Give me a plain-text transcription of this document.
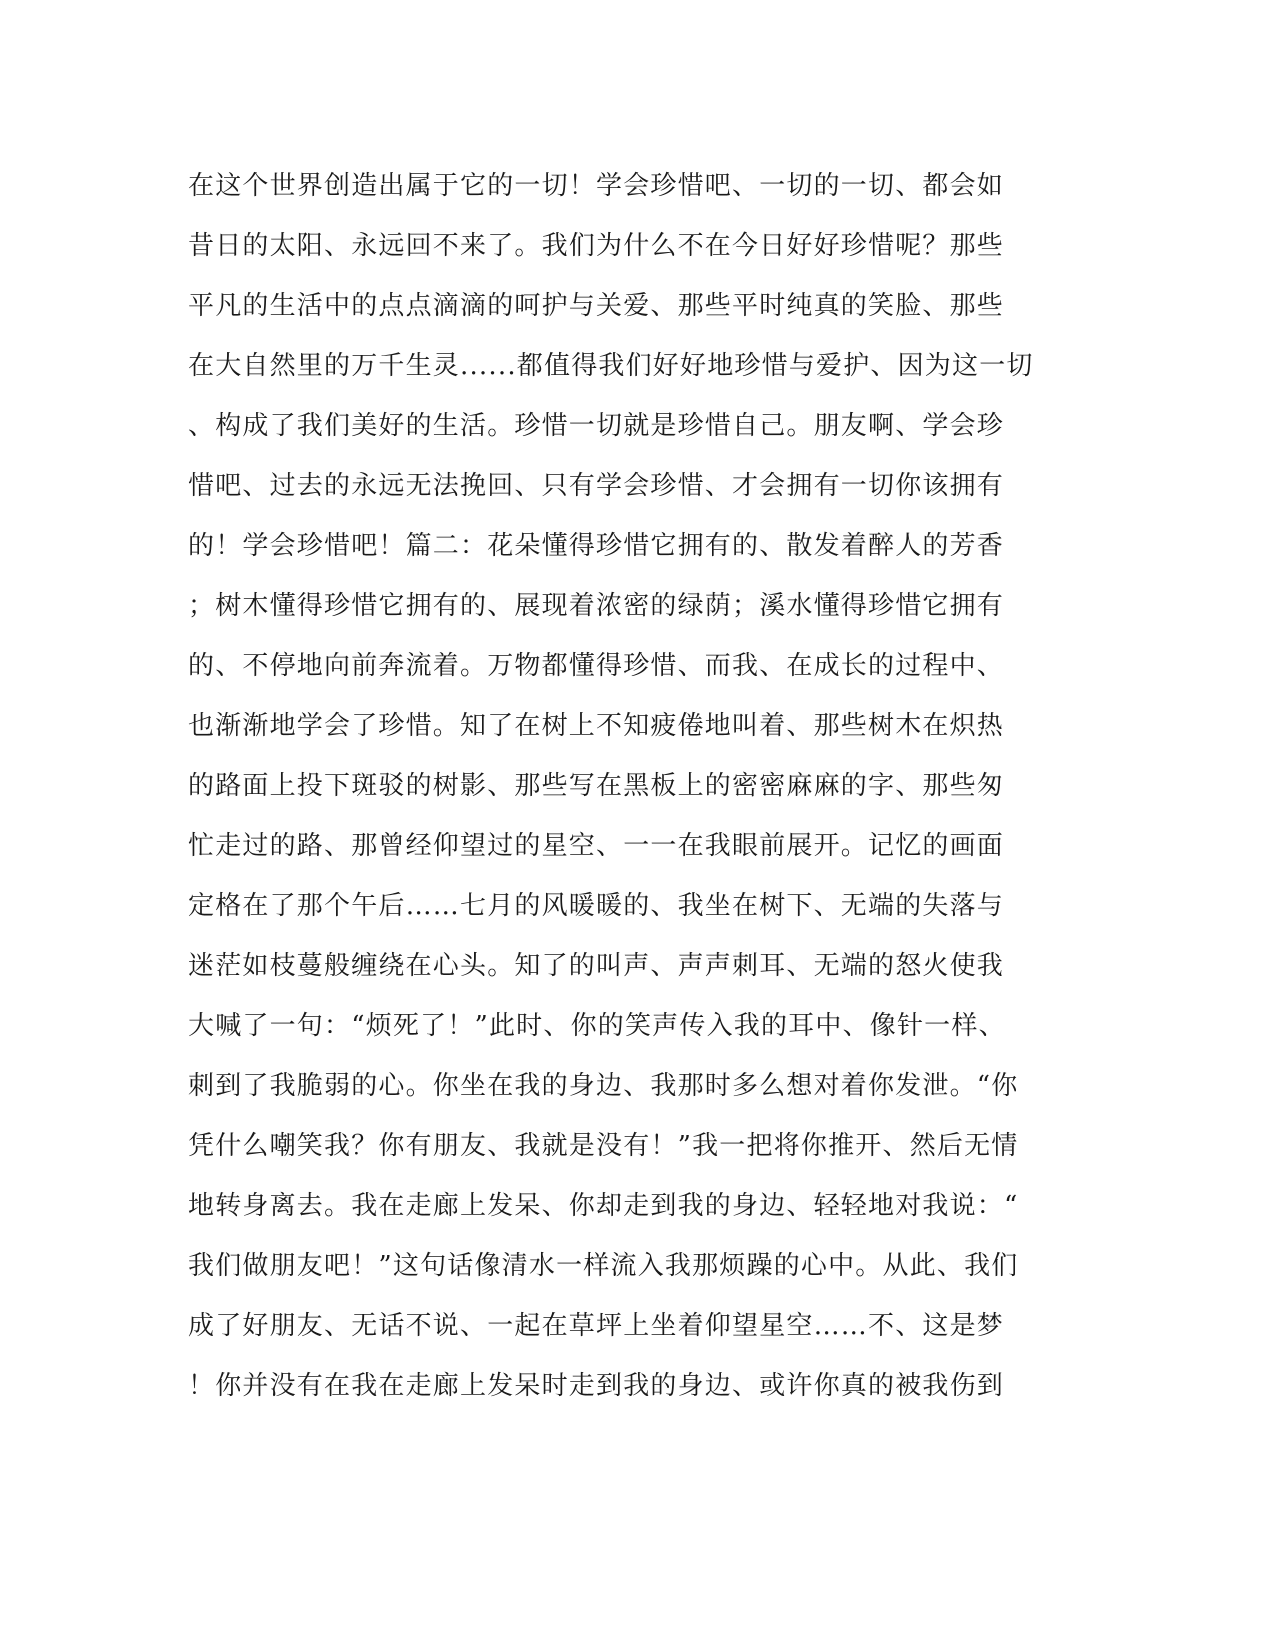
在这个世界创造出属于它的一切！学会珍惜吧、一切的一切、都会如
昔日的太阳、永远回不来了。我们为什么不在今日好好珍惜呢？那些
平凡的生活中的点点滴滴的呵护与关爱、那些平时纯真的笑脸、那些
在大自然里的万千生灵......都值得我们好好地珍惜与爱护、因为这一切
、构成了我们美好的生活。珍惜一切就是珍惜自己。朋友啊、学会珍
惜吧、过去的永远无法挽回、只有学会珍惜、才会拥有一切你该拥有
的！学会珍惜吧！篇二：花朵懂得珍惜它拥有的、散发着醉人的芳香
；树木懂得珍惜它拥有的、展现着浓密的绿荫；溪水懂得珍惜它拥有
的、不停地向前奔流着。万物都懂得珍惜、而我、在成长的过程中、
也渐渐地学会了珍惜。知了在树上不知疲倦地叫着、那些树木在炽热
的路面上投下斑驳的树影、那些写在黑板上的密密麻麻的字、那些匆
忙走过的路、那曾经仰望过的星空、一一在我眼前展开。记忆的画面
定格在了那个午后……七月的风暖暖的、我坐在树下、无端的失落与
迷茫如枝蔓般缠绕在心头。知了的叫声、声声刺耳、无端的怒火使我
大喊了一句：“烦死了！”此时、你的笑声传入我的耳中、像针一样、
刺到了我脆弱的心。你坐在我的身边、我那时多么想对着你发泄。“你
凭什么嘲笑我？你有朋友、我就是没有！”我一把将你推开、然后无情
地转身离去。我在走廊上发呆、你却走到我的身边、轻轻地对我说：“
我们做朋友吧！”这句话像清水一样流入我那烦躁的心中。从此、我们
成了好朋友、无话不说、一起在草坪上坐着仰望星空……不、这是梦
！你并没有在我在走廊上发呆时走到我的身边、或许你真的被我伤到
